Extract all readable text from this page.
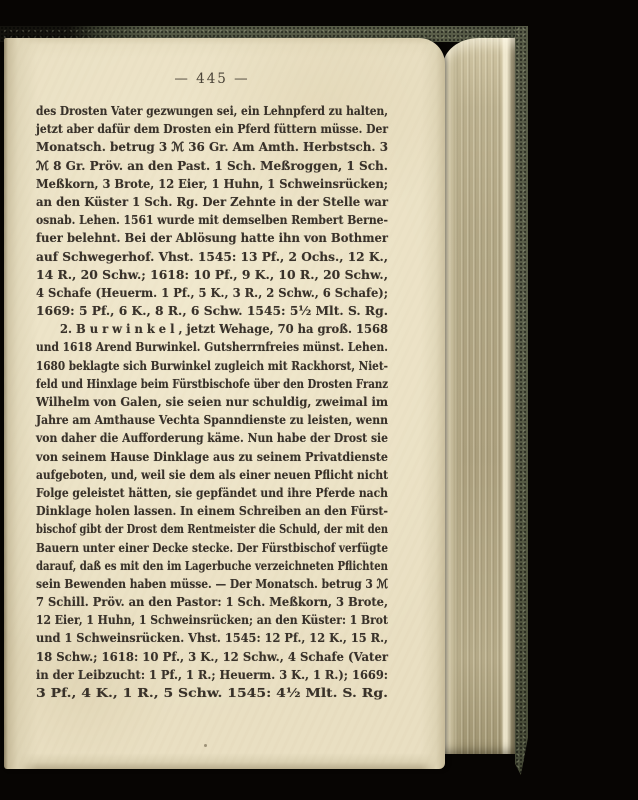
— 445 —
des Drosten Vater gezwungen sei, ein Lehnpferd zu halten,
jetzt aber dafür dem Drosten ein Pferd füttern müsse. Der
Monatsch. betrug 3 ℳ 36 Gr. Am Amth. Herbstsch. 3
ℳ 8 Gr. Pröv. an den Past. 1 Sch. Meßroggen, 1 Sch.
Meßkorn, 3 Brote, 12 Eier, 1 Huhn, 1 Schweinsrücken;
an den Küster 1 Sch. Rg. Der Zehnte in der Stelle war
osnab. Lehen. 1561 wurde mit demselben Rembert Berne-
fuer belehnt. Bei der Ablösung hatte ihn von Bothmer
auf Schwegerhof. Vhst. 1545: 13 Pf., 2 Ochs., 12 K.,
14 R., 20 Schw.; 1618: 10 Pf., 9 K., 10 R., 20 Schw.,
4 Schafe (Heuerm. 1 Pf., 5 K., 3 R., 2 Schw., 6 Schafe);
1669: 5 Pf., 6 K., 8 R., 6 Schw. 1545: 5¹⁄₂ Mlt. S. Rg.
2. B u r w i n k e l , jetzt Wehage, 70 ha groß. 1568
und 1618 Arend Burwinkel. Gutsherrnfreies münst. Lehen.
1680 beklagte sich Burwinkel zugleich mit Rackhorst, Niet-
feld und Hinxlage beim Fürstbischofe über den Drosten Franz
Wilhelm von Galen, sie seien nur schuldig, zweimal im
Jahre am Amthause Vechta Spanndienste zu leisten, wenn
von daher die Aufforderung käme. Nun habe der Drost sie
von seinem Hause Dinklage aus zu seinem Privatdienste
aufgeboten, und, weil sie dem als einer neuen Pflicht nicht
Folge geleistet hätten, sie gepfändet und ihre Pferde nach
Dinklage holen lassen. In einem Schreiben an den Fürst-
bischof gibt der Drost dem Rentmeister die Schuld, der mit den
Bauern unter einer Decke stecke. Der Fürstbischof verfügte
darauf, daß es mit den im Lagerbuche verzeichneten Pflichten
sein Bewenden haben müsse. — Der Monatsch. betrug 3 ℳ
7 Schill. Pröv. an den Pastor: 1 Sch. Meßkorn, 3 Brote,
12 Eier, 1 Huhn, 1 Schweinsrücken; an den Küster: 1 Brot
und 1 Schweinsrücken. Vhst. 1545: 12 Pf., 12 K., 15 R.,
18 Schw.; 1618: 10 Pf., 3 K., 12 Schw., 4 Schafe (Vater
in der Leibzucht: 1 Pf., 1 R.; Heuerm. 3 K., 1 R.); 1669:
3 Pf., 4 K., 1 R., 5 Schw. 1545: 4¹⁄₂ Mlt. S. Rg.
